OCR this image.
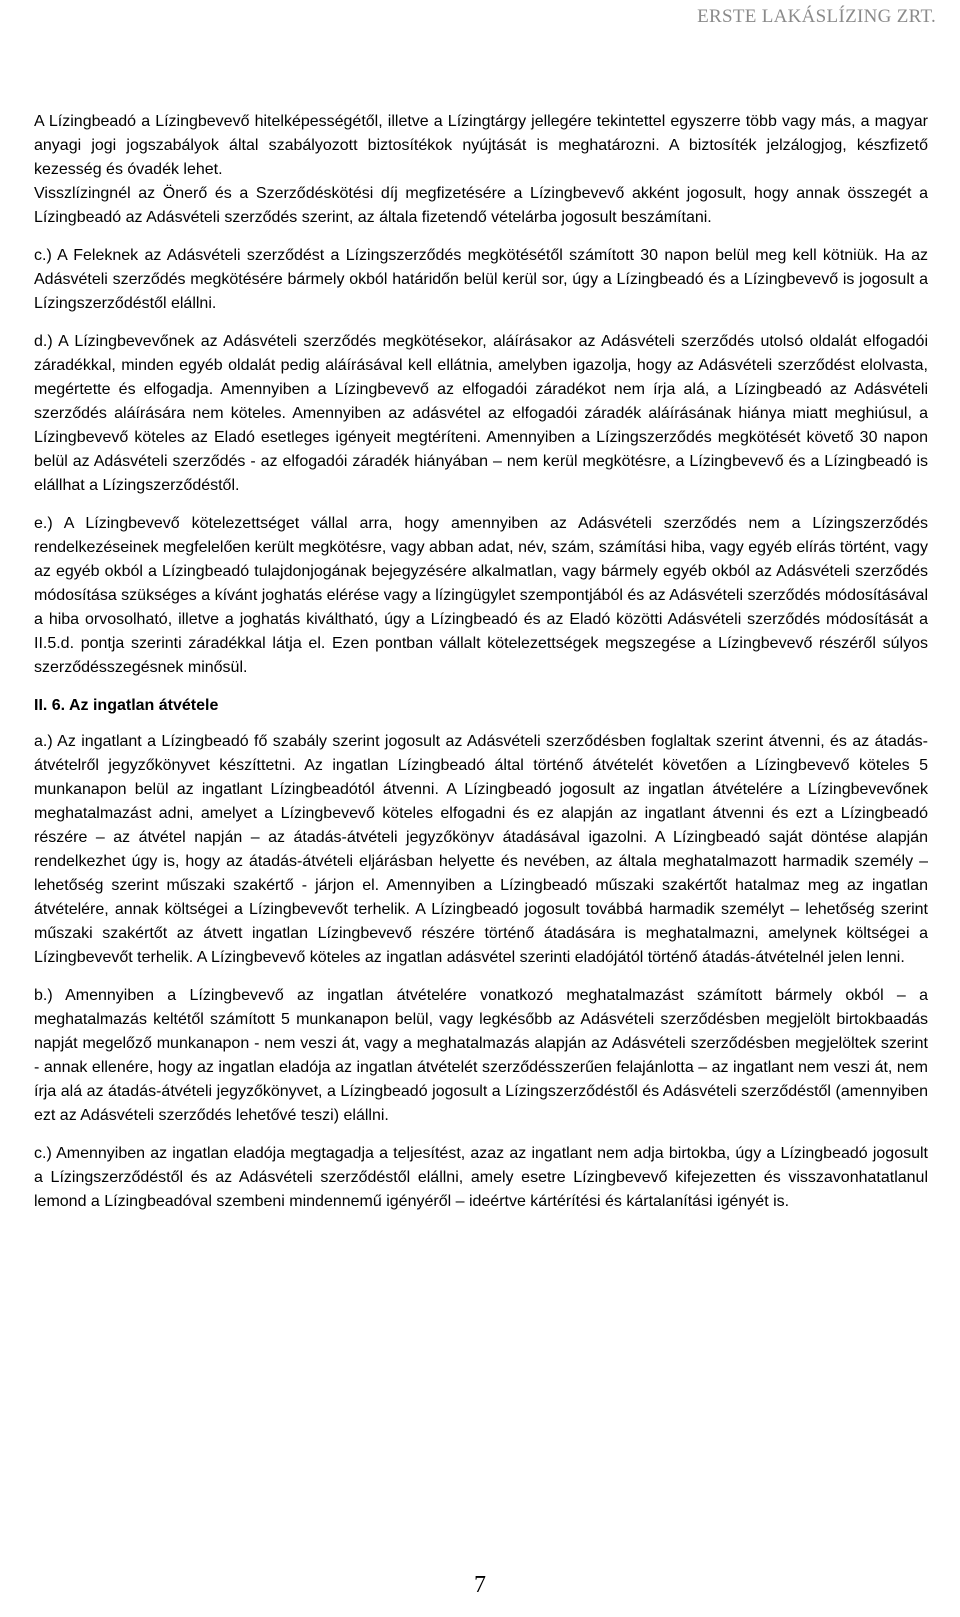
ERSTE LAKÁSLÍZING ZRT.

A Lízingbeadó a Lízingbevevő hitelképességétől, illetve a Lízingtárgy jellegére tekintettel egyszerre több vagy más, a magyar anyagi jogi jogszabályok által szabályozott biztosítékok nyújtását is meghatározni. A biztosíték jelzálogjog, készfizető kezesség és óvadék lehet.

Visszlízingnél az Önerő és a Szerződéskötési díj megfizetésére a Lízingbevevő akként jogosult, hogy annak összegét a Lízingbeadó az Adásvételi szerződés szerint, az általa fizetendő vételárba jogosult beszámítani.

c.) A Feleknek az Adásvételi szerződést a Lízingszerződés megkötésétől számított 30 napon belül meg kell kötniük. Ha az Adásvételi szerződés megkötésére bármely okból határidőn belül kerül sor, úgy a Lízingbeadó és a Lízingbevevő is jogosult a Lízingszerződéstől elállni.

d.) A Lízingbevevőnek az Adásvételi szerződés megkötésekor, aláírásakor az Adásvételi szerződés utolsó oldalát elfogadói záradékkal, minden egyéb oldalát pedig aláírásával kell ellátnia, amelyben igazolja, hogy az Adásvételi szerződést elolvasta, megértette és elfogadja. Amennyiben a Lízingbevevő az elfogadói záradékot nem írja alá, a Lízingbeadó az Adásvételi szerződés aláírására nem köteles. Amennyiben az adásvétel az elfogadói záradék aláírásának hiánya miatt meghiúsul, a Lízingbevevő köteles az Eladó esetleges igényeit megtéríteni. Amennyiben a Lízingszerződés megkötését követő 30 napon belül az Adásvételi szerződés - az elfogadói záradék hiányában – nem kerül megkötésre, a Lízingbevevő és a Lízingbeadó is elállhat a Lízingszerződéstől.

e.) A Lízingbevevő kötelezettséget vállal arra, hogy amennyiben az Adásvételi szerződés nem a Lízingszerződés rendelkezéseinek megfelelően került megkötésre, vagy abban adat, név, szám, számítási hiba, vagy egyéb elírás történt, vagy az egyéb okból a Lízingbeadó tulajdonjogának bejegyzésére alkalmatlan, vagy bármely egyéb okból az Adásvételi szerződés módosítása szükséges a kívánt joghatás elérése vagy a lízingügylet szempontjából és az Adásvételi szerződés módosításával a hiba orvosolható, illetve a joghatás kiváltható, úgy a Lízingbeadó és az Eladó közötti Adásvételi szerződés módosítását a II.5.d. pontja szerinti záradékkal látja el. Ezen pontban vállalt kötelezettségek megszegése a Lízingbevevő részéről súlyos szerződésszegésnek minősül.

II. 6. Az ingatlan átvétele

a.) Az ingatlant a Lízingbeadó fő szabály szerint jogosult az Adásvételi szerződésben foglaltak szerint átvenni, és az átadás-átvételről jegyzőkönyvet készíttetni. Az ingatlan Lízingbeadó által történő átvételét követően a Lízingbevevő köteles 5 munkanapon belül az ingatlant Lízingbeadótól átvenni. A Lízingbeadó jogosult az ingatlan átvételére a Lízingbevevőnek meghatalmazást adni, amelyet a Lízingbevevő köteles elfogadni és ez alapján az ingatlant átvenni és ezt a Lízingbeadó részére – az átvétel napján – az átadás-átvételi jegyzőkönyv átadásával igazolni. A Lízingbeadó saját döntése alapján rendelkezhet úgy is, hogy az átadás-átvételi eljárásban helyette és nevében, az általa meghatalmazott harmadik személy – lehetőség szerint műszaki szakértő - járjon el. Amennyiben a Lízingbeadó műszaki szakértőt hatalmaz meg az ingatlan átvételére, annak költségei a Lízingbevevőt terhelik. A Lízingbeadó jogosult továbbá harmadik személyt – lehetőség szerint műszaki szakértőt az átvett ingatlan Lízingbevevő részére történő átadására is meghatalmazni, amelynek költségei a Lízingbevevőt terhelik. A Lízingbevevő köteles az ingatlan adásvétel szerinti eladójától történő átadás-átvételnél jelen lenni.

b.) Amennyiben a Lízingbevevő az ingatlan átvételére vonatkozó meghatalmazást számított bármely okból – a meghatalmazás keltétől számított 5 munkanapon belül, vagy legkésőbb az Adásvételi szerződésben megjelölt birtokbaadás napját megelőző munkanapon - nem veszi át, vagy a meghatalmazás alapján az Adásvételi szerződésben megjelöltek szerint - annak ellenére, hogy az ingatlan eladója az ingatlan átvételét szerződésszerűen felajánlotta – az ingatlant nem veszi át, nem írja alá az átadás-átvételi jegyzőkönyvet, a Lízingbeadó jogosult a Lízingszerződéstől és Adásvételi szerződéstől (amennyiben ezt az Adásvételi szerződés lehetővé teszi) elállni.

c.) Amennyiben az ingatlan eladója megtagadja a teljesítést, azaz az ingatlant nem adja birtokba, úgy a Lízingbeadó jogosult a Lízingszerződéstől és az Adásvételi szerződéstől elállni, amely esetre Lízingbevevő kifejezetten és visszavonhatatlanul lemond a Lízingbeadóval szembeni mindennemű igényéről – ideértve kártérítési és kártalanítási igényét is.

7
